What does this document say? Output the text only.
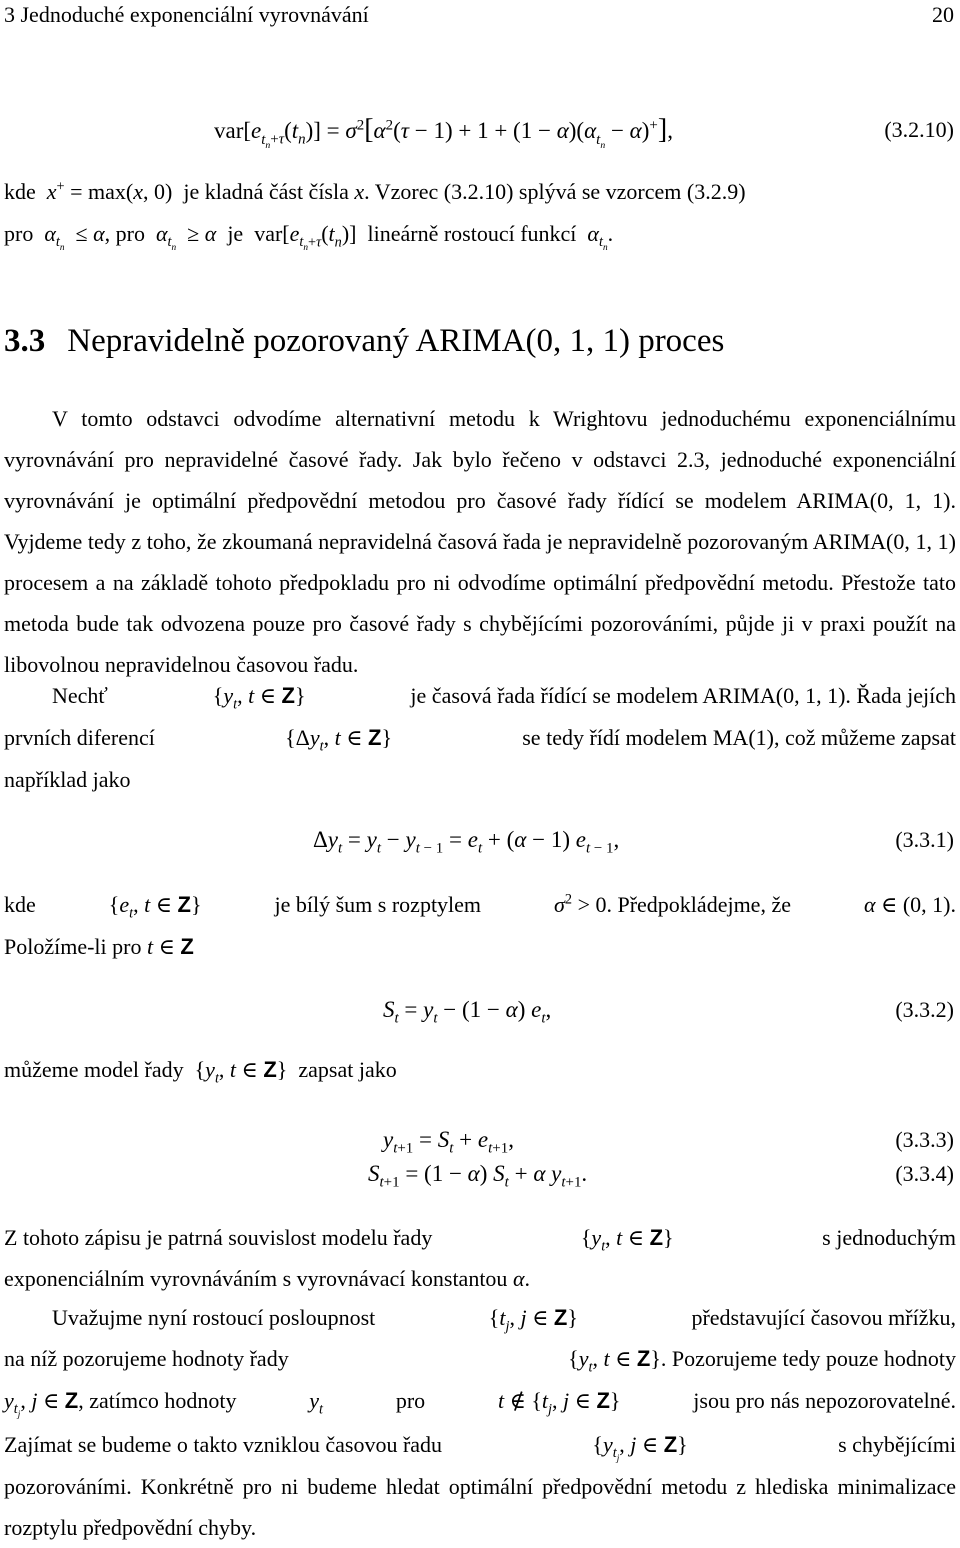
3 Jednoduché exponenciální vyrovnávání	20
$var[e_{t_n+\tau}(t_n)] = \sigma^2[\alpha^2(\tau - 1) + 1 + (1 - \alpha)(\alpha_{t_n} - \alpha)^+]$,	(3.2.10)
kde x+ = max(x, 0)  je kladná část čísla x. Vzorec (3.2.10) splývá se vzorcem (3.2.9)
pro $\alpha_{t_n} \le \alpha$, pro $\alpha_{t_n} \ge \alpha$ je  $var[e_{t_n+\tau}(t_n)]$  lineárně rostoucí funkcí $\alpha_{t_n}$.
3.3 Nepravidelně pozorovaný ARIMA(0, 1, 1) proces
V tomto odstavci odvodíme alternativní metodu k Wrightovu jednoduchému exponenciálnímu vyrovnávání pro nepravidelné časové řady. Jak bylo řečeno v odstavci 2.3, jednoduché exponenciální vyrovnávání je optimální předpovědní metodou pro časové řady řídící se modelem ARIMA(0, 1, 1). Vyjdeme tedy z toho, že zkoumaná nepravidelná časová řada je nepravidelně pozorovaným ARIMA(0, 1, 1) procesem a na základě tohoto předpokladu pro ni odvodíme optimální předpovědní metodu. Přestože tato metoda bude tak odvozena pouze pro časové řady s chybějícími pozorováními, půjde ji v praxi použít na libovolnou nepravidelnou časovou řadu.
Nechť	{$y_t$, t ∈ Z}	je časová řada řídící se modelem ARIMA(0, 1, 1). Řada jejích
prvních diferencí	{$\Delta y_t$, t ∈ Z}	se tedy řídí modelem MA(1), což můžeme zapsat
například jako
$\Delta y_t = y_t - y_{t - 1} = e_t + (\alpha - 1)$ $e_{t - 1}$,	(3.3.1)
kde	{$e_t$, t ∈ Z}	je bílý šum s rozptylem	$\sigma^2 > 0$. Předpokládejme, že	α ∈ (0, 1).
Položíme-li pro t ∈ Z
$S_t = y_t - (1 - \alpha)$ $e_t$,	(3.3.2)
můžeme model řady  {$y_t$, t ∈ Z}  zapsat jako
$y_{t+1} = S_t + e_{t+1}$,	(3.3.3)
$S_{t+1} = (1 - \alpha) S_t + \alpha$ $y_{t+1}$.	(3.3.4)
Z tohoto zápisu je patrná souvislost modelu řady	{$y_t$, t ∈ Z}	s jednoduchým
exponenciálním vyrovnáváním s vyrovnávací konstantou α.
Uvažujme nyní rostoucí posloupnost	{$t_j$, j ∈ Z}	představující časovou mřížku,
na níž pozorujeme hodnoty řady	{$y_t$, t ∈ Z}. Pozorujeme tedy pouze hodnoty
$y_{t_j}$, j ∈ Z, zatímco hodnoty	$y_t$	pro	t ∉ {$t_j$, j ∈ Z}	jsou pro nás nepozorovatelné.
Zajímat se budeme o takto vzniklou časovou řadu	{$y_{t_j}$, j ∈ Z}	s chybějícími
pozorováními. Konkrétně pro ni budeme hledat optimální předpovědní metodu z hlediska minimalizace rozptylu předpovědní chyby.
